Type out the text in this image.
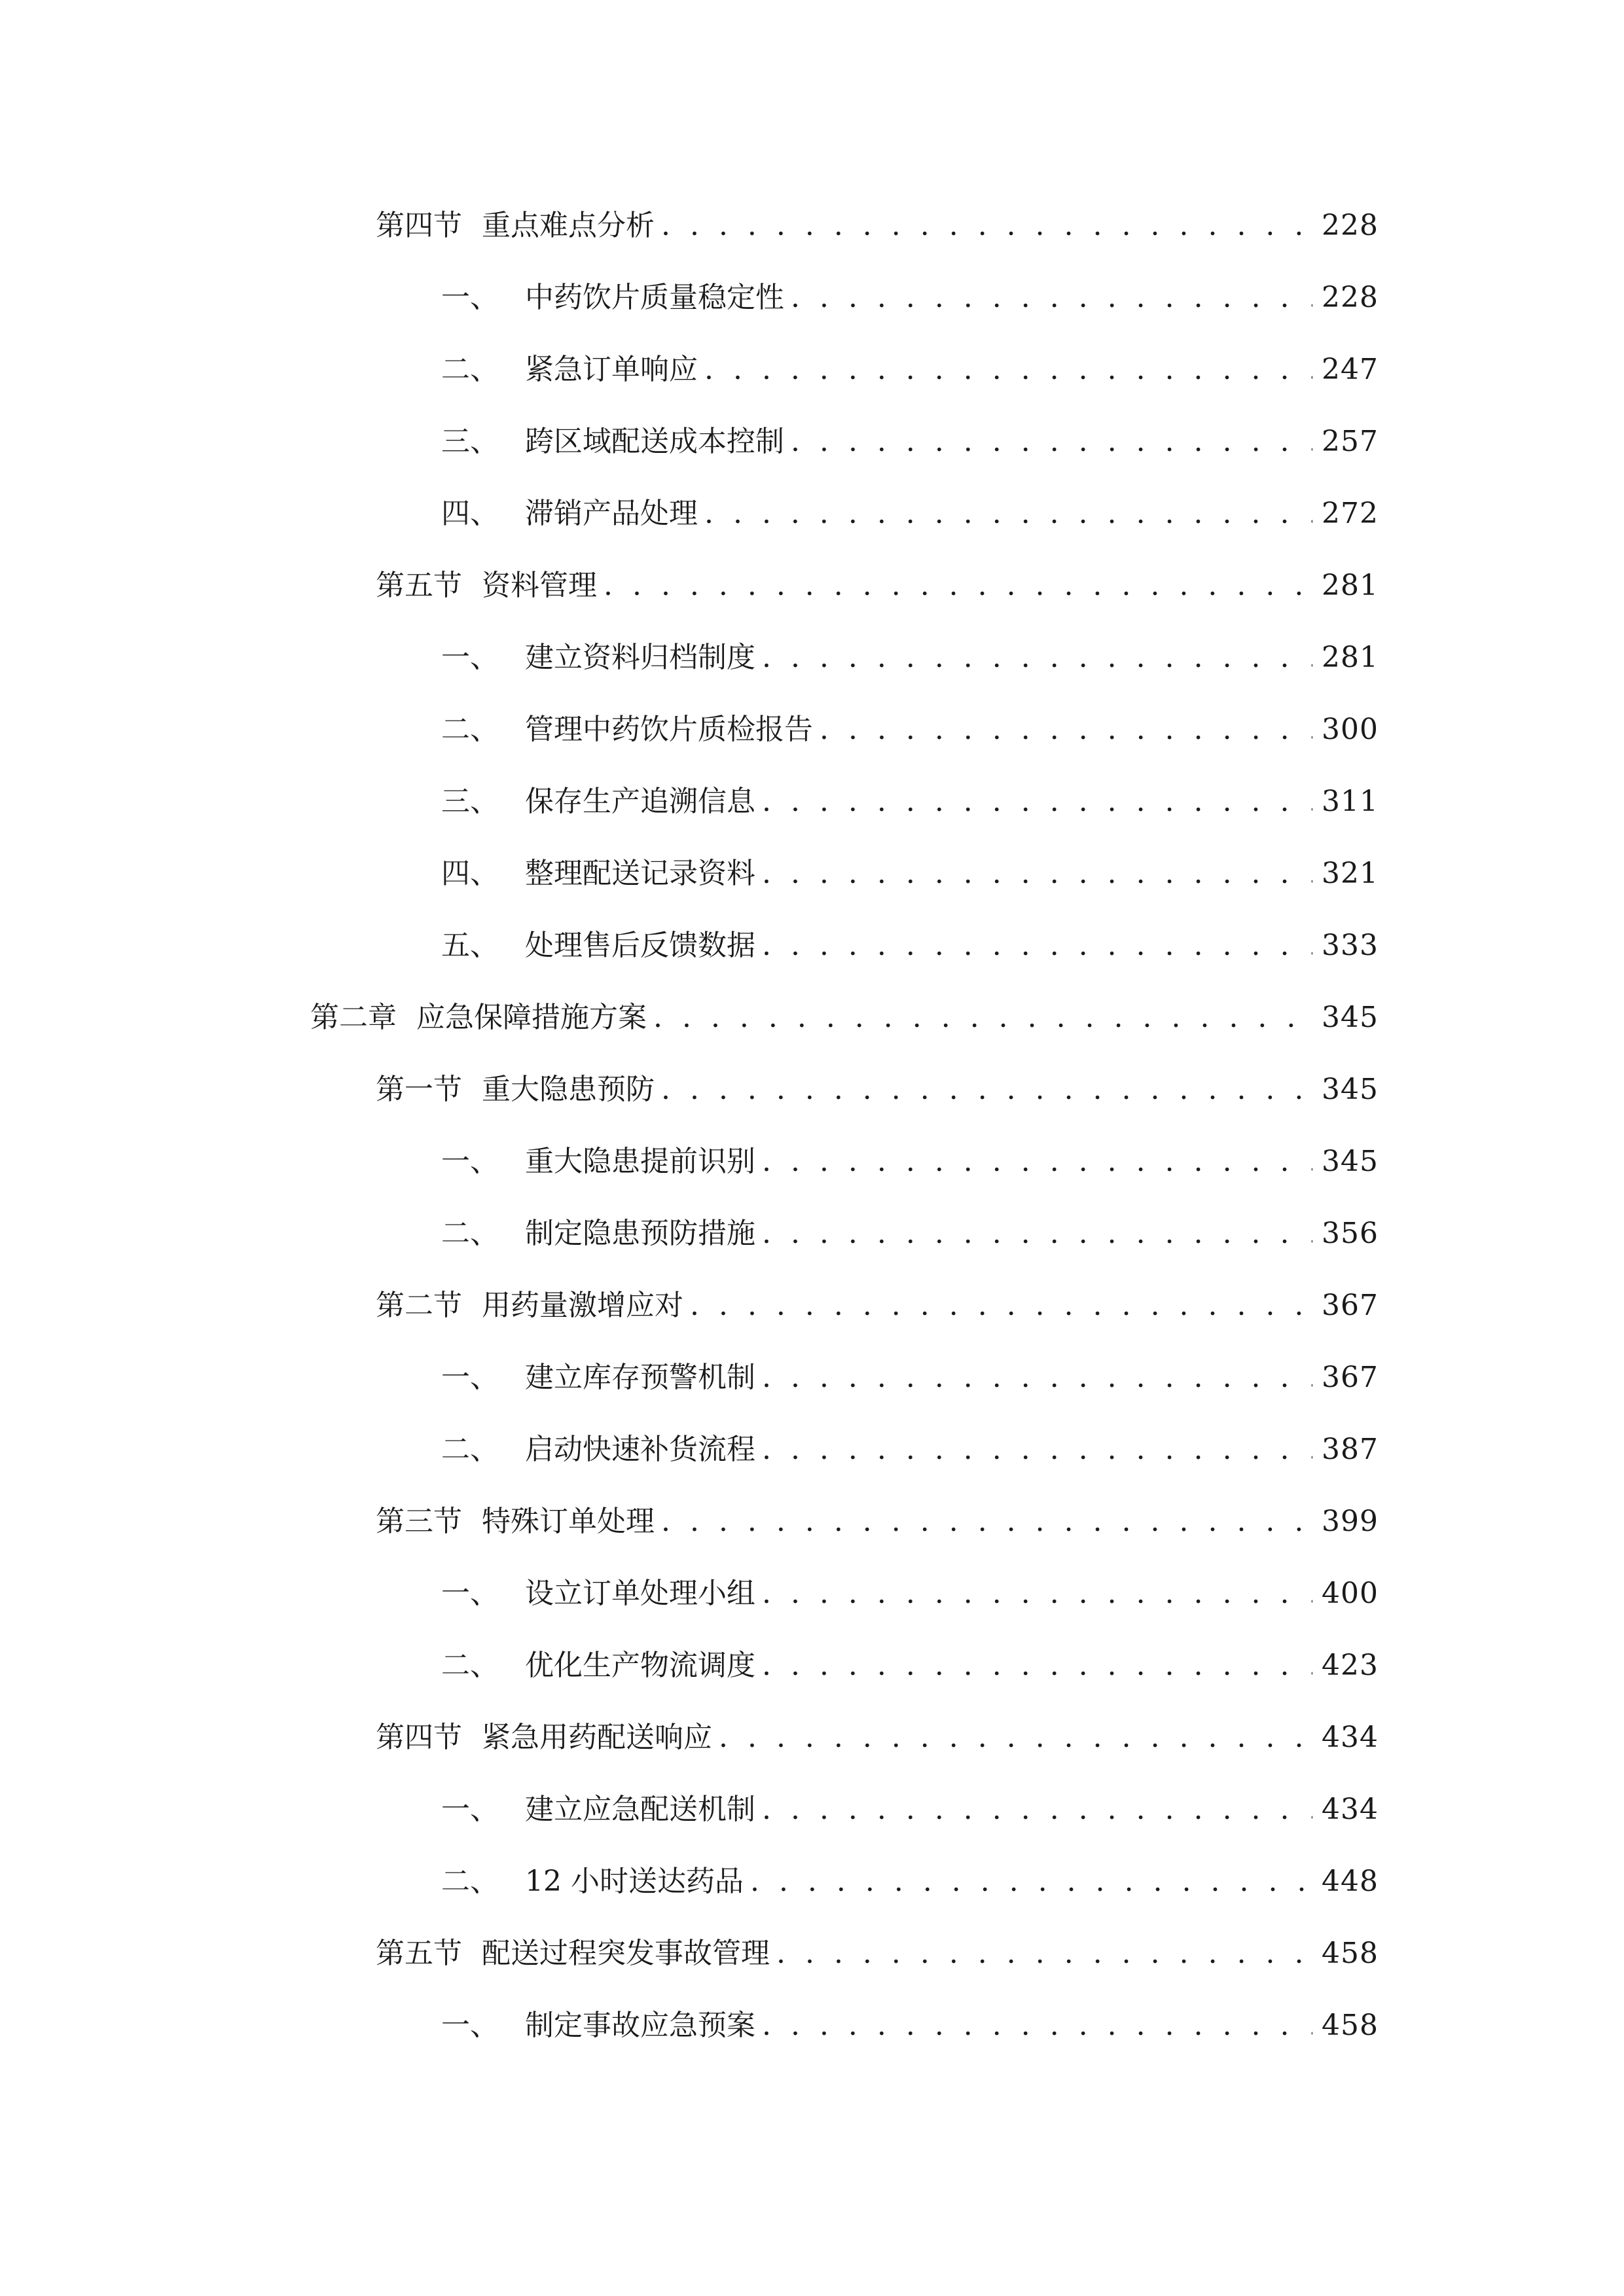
第四节 重点难点分析 . . .	228
一、 中药饮片质量稳定性 . . .	228
二、 紧急订单响应 . . .	247
三、 跨区域配送成本控制 . . .	257
四、 滞销产品处理 . . .	272
第五节 资料管理 . . .	281
一、 建立资料归档制度 . . .	281
二、 管理中药饮片质检报告 . . .	300
三、 保存生产追溯信息 . . .	311
四、 整理配送记录资料 . . .	321
五、 处理售后反馈数据 . . .	333
第二章 应急保障措施方案 . . .	345
第一节 重大隐患预防 . . .	345
一、 重大隐患提前识别 . . .	345
二、 制定隐患预防措施 . . .	356
第二节 用药量激增应对 . . .	367
一、 建立库存预警机制 . . .	367
二、 启动快速补货流程 . . .	387
第三节 特殊订单处理 . . .	399
一、 设立订单处理小组 . . .	400
二、 优化生产物流调度 . . .	423
第四节 紧急用药配送响应 . . .	434
一、 建立应急配送机制 . . .	434
二、 12 小时送达药品 . . .	448
第五节 配送过程突发事故管理 . . .	458
一、 制定事故应急预案 . . .	458
